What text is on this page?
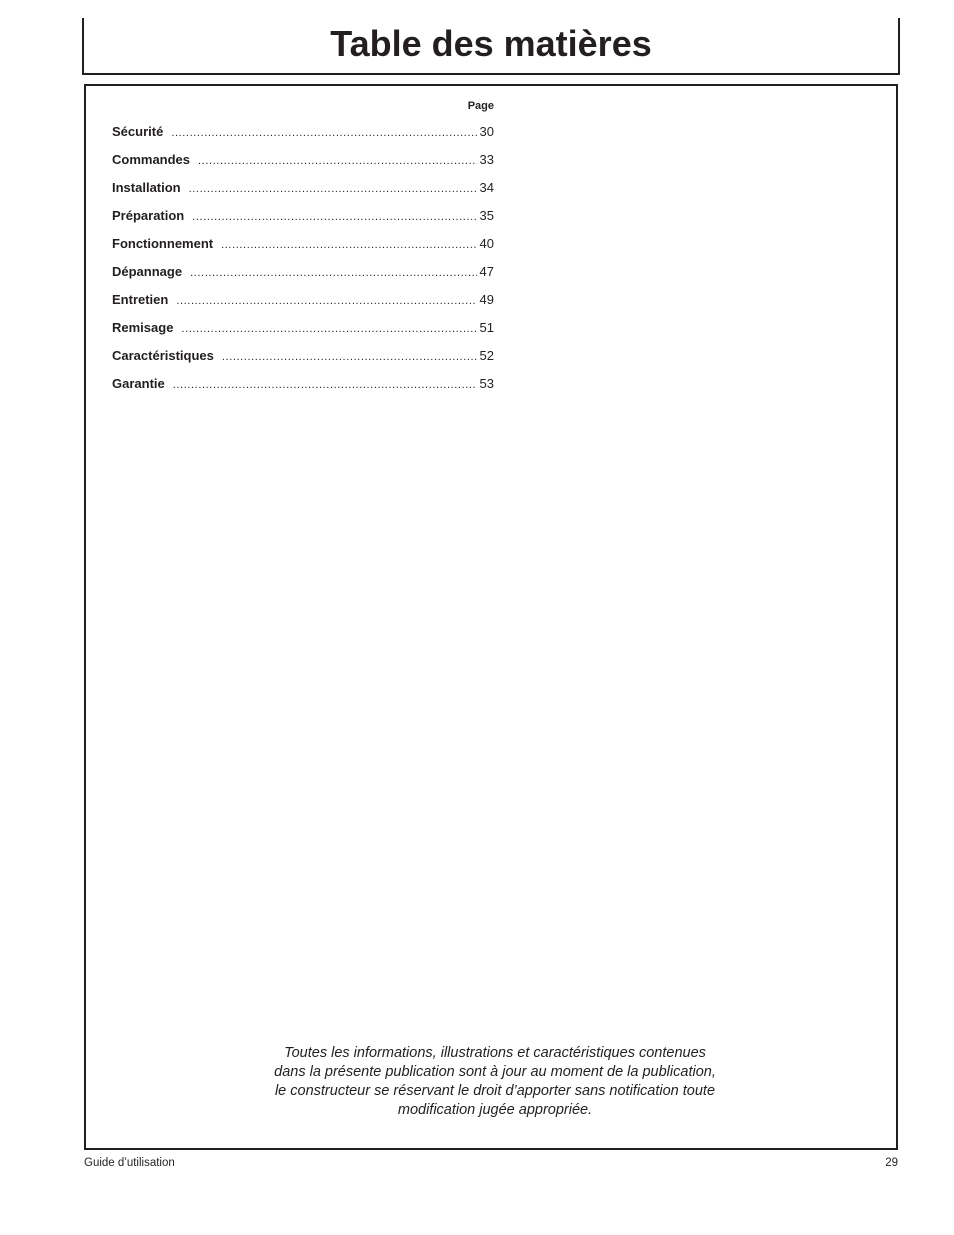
Table des matières
Page
Sécurité .....	30
Commandes .....	33
Installation .....	34
Préparation .....	35
Fonctionnement .....	40
Dépannage .....	47
Entretien .....	49
Remisage .....	51
Caractéristiques .....	52
Garantie .....	53

Toutes les informations, illustrations et caractéristiques contenues

dans la présente publication sont à jour au moment de la publication,

le constructeur se réservant le droit d’apporter sans notification toute

modification jugée appropriée.

Guide d’utilisation	29
